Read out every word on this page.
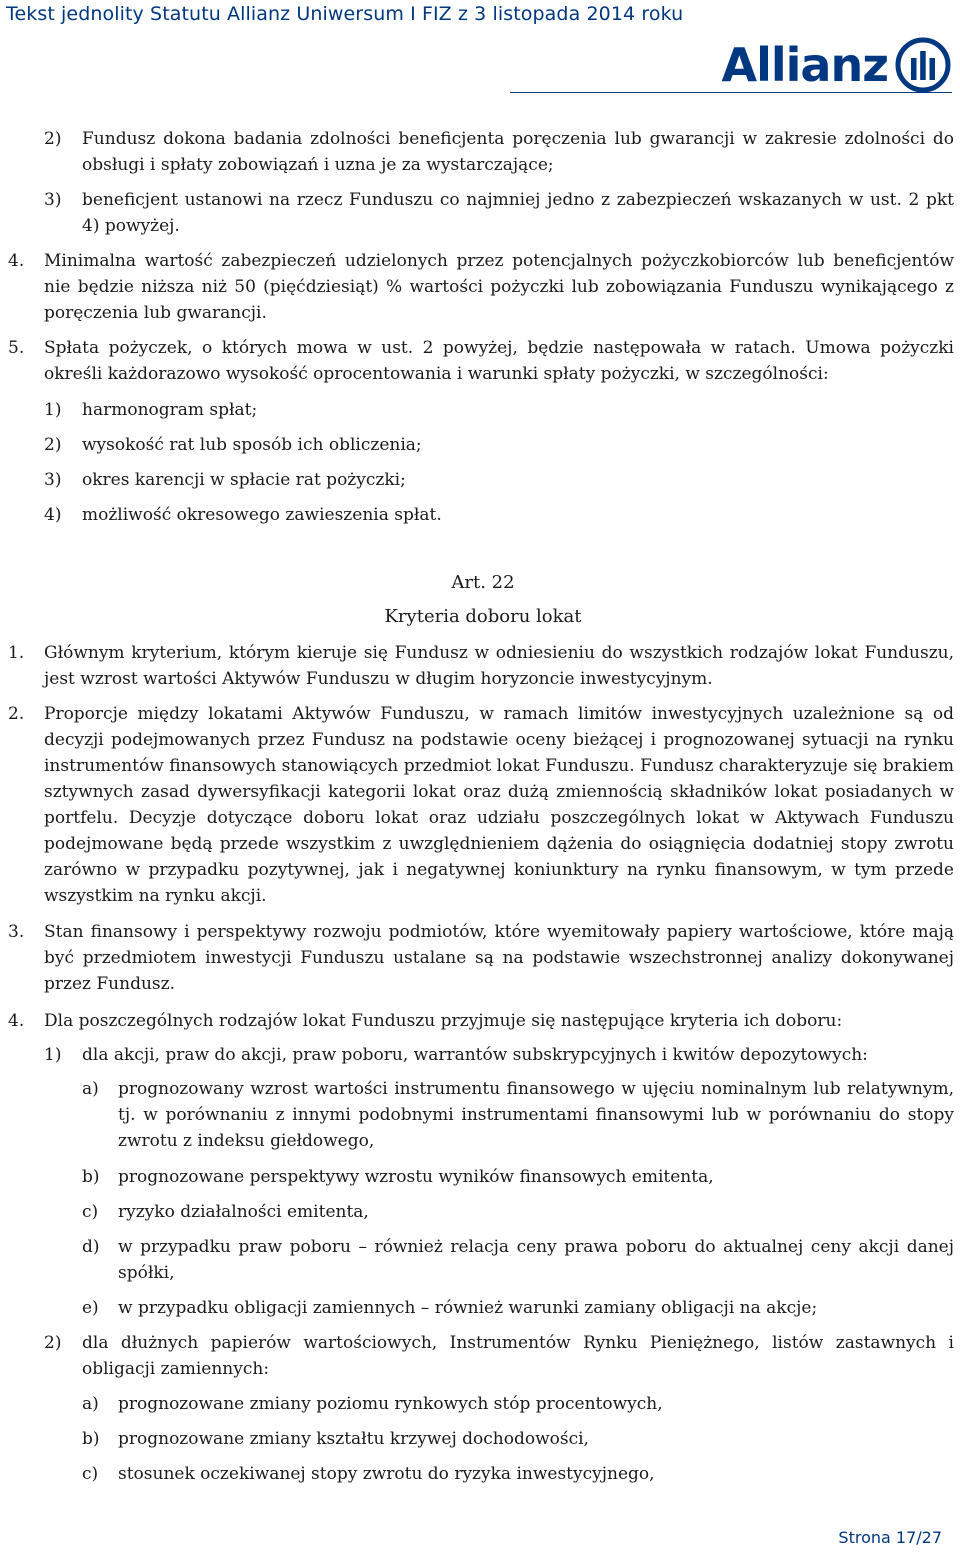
Tekst jednolity Statutu Allianz Uniwersum I FIZ z 3 listopada 2014 roku
Allianz
2) Fundusz dokona badania zdolności beneficjenta poręczenia lub gwarancji w zakresie zdolności do obsługi i spłaty zobowiązań i uzna je za wystarczające;
3) beneficjent ustanowi na rzecz Funduszu co najmniej jedno z zabezpieczeń wskazanych w ust. 2 pkt 4) powyżej.
4. Minimalna wartość zabezpieczeń udzielonych przez potencjalnych pożyczkobiorców lub beneficjentów nie będzie niższa niż 50 (pięćdziesiąt) % wartości pożyczki lub zobowiązania Funduszu wynikającego z poręczenia lub gwarancji.
5. Spłata pożyczek, o których mowa w ust. 2 powyżej, będzie następowała w ratach. Umowa pożyczki określi każdorazowo wysokość oprocentowania i warunki spłaty pożyczki, w szczególności:
1) harmonogram spłat;
2) wysokość rat lub sposób ich obliczenia;
3) okres karencji w spłacie rat pożyczki;
4) możliwość okresowego zawieszenia spłat.
Art. 22
Kryteria doboru lokat
1. Głównym kryterium, którym kieruje się Fundusz w odniesieniu do wszystkich rodzajów lokat Funduszu, jest wzrost wartości Aktywów Funduszu w długim horyzoncie inwestycyjnym.
2. Proporcje między lokatami Aktywów Funduszu, w ramach limitów inwestycyjnych uzależnione są od decyzji podejmowanych przez Fundusz na podstawie oceny bieżącej i prognozowanej sytuacji na rynku instrumentów finansowych stanowiących przedmiot lokat Funduszu. Fundusz charakteryzuje się brakiem sztywnych zasad dywersyfikacji kategorii lokat oraz dużą zmiennością składników lokat posiadanych w portfelu. Decyzje dotyczące doboru lokat oraz udziału poszczególnych lokat w Aktywach Funduszu podejmowane będą przede wszystkim z uwzględnieniem dążenia do osiągnięcia dodatniej stopy zwrotu zarówno w przypadku pozytywnej, jak i negatywnej koniunktury na rynku finansowym, w tym przede wszystkim na rynku akcji.
3. Stan finansowy i perspektywy rozwoju podmiotów, które wyemitowały papiery wartościowe, które mają być przedmiotem inwestycji Funduszu ustalane są na podstawie wszechstronnej analizy dokonywanej przez Fundusz.
4. Dla poszczególnych rodzajów lokat Funduszu przyjmuje się następujące kryteria ich doboru:
1) dla akcji, praw do akcji, praw poboru, warrantów subskrypcyjnych i kwitów depozytowych:
a) prognozowany wzrost wartości instrumentu finansowego w ujęciu nominalnym lub relatywnym, tj. w porównaniu z innymi podobnymi instrumentami finansowymi lub w porównaniu do stopy zwrotu z indeksu giełdowego,
b) prognozowane perspektywy wzrostu wyników finansowych emitenta,
c) ryzyko działalności emitenta,
d) w przypadku praw poboru – również relacja ceny prawa poboru do aktualnej ceny akcji danej spółki,
e) w przypadku obligacji zamiennych – również warunki zamiany obligacji na akcje;
2) dla dłużnych papierów wartościowych, Instrumentów Rynku Pieniężnego, listów zastawnych i obligacji zamiennych:
a) prognozowane zmiany poziomu rynkowych stóp procentowych,
b) prognozowane zmiany kształtu krzywej dochodowości,
c) stosunek oczekiwanej stopy zwrotu do ryzyka inwestycyjnego,
Strona 17/27
